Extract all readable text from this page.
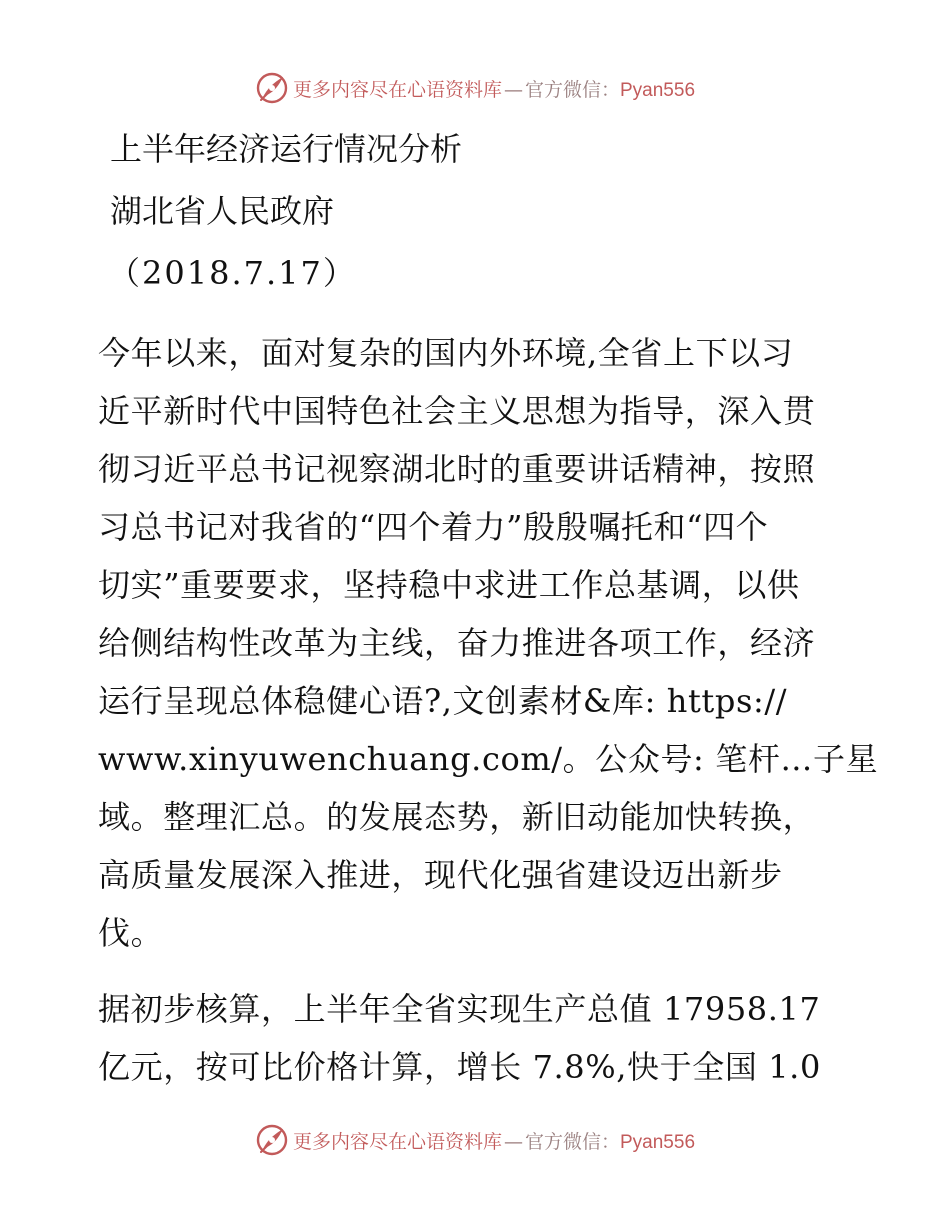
更多内容尽在心语资料库 — 官方微信：Pyan556
上半年经济运行情况分析
湖北省人民政府
（2018.7.17）

今年以来，面对复杂的国内外环境,全省上下以习
近平新时代中国特色社会主义思想为指导，深入贯
彻习近平总书记视察湖北时的重要讲话精神，按照
习总书记对我省的“四个着力”殷殷嘱托和“四个
切实”重要要求，坚持稳中求进工作总基调，以供
给侧结构性改革为主线，奋力推进各项工作，经济
运行呈现总体稳健心语?,文创素材&库: https://
www.xinyuwenchuang.com/。公众号: 笔杆…子星
域。整理汇总。的发展态势，新旧动能加快转换，
高质量发展深入推进，现代化强省建设迈出新步
伐。

据初步核算，上半年全省实现生产总值 17958.17
亿元，按可比价格计算，增长 7.8%,快于全国 1.0

更多内容尽在心语资料库 — 官方微信：Pyan556
